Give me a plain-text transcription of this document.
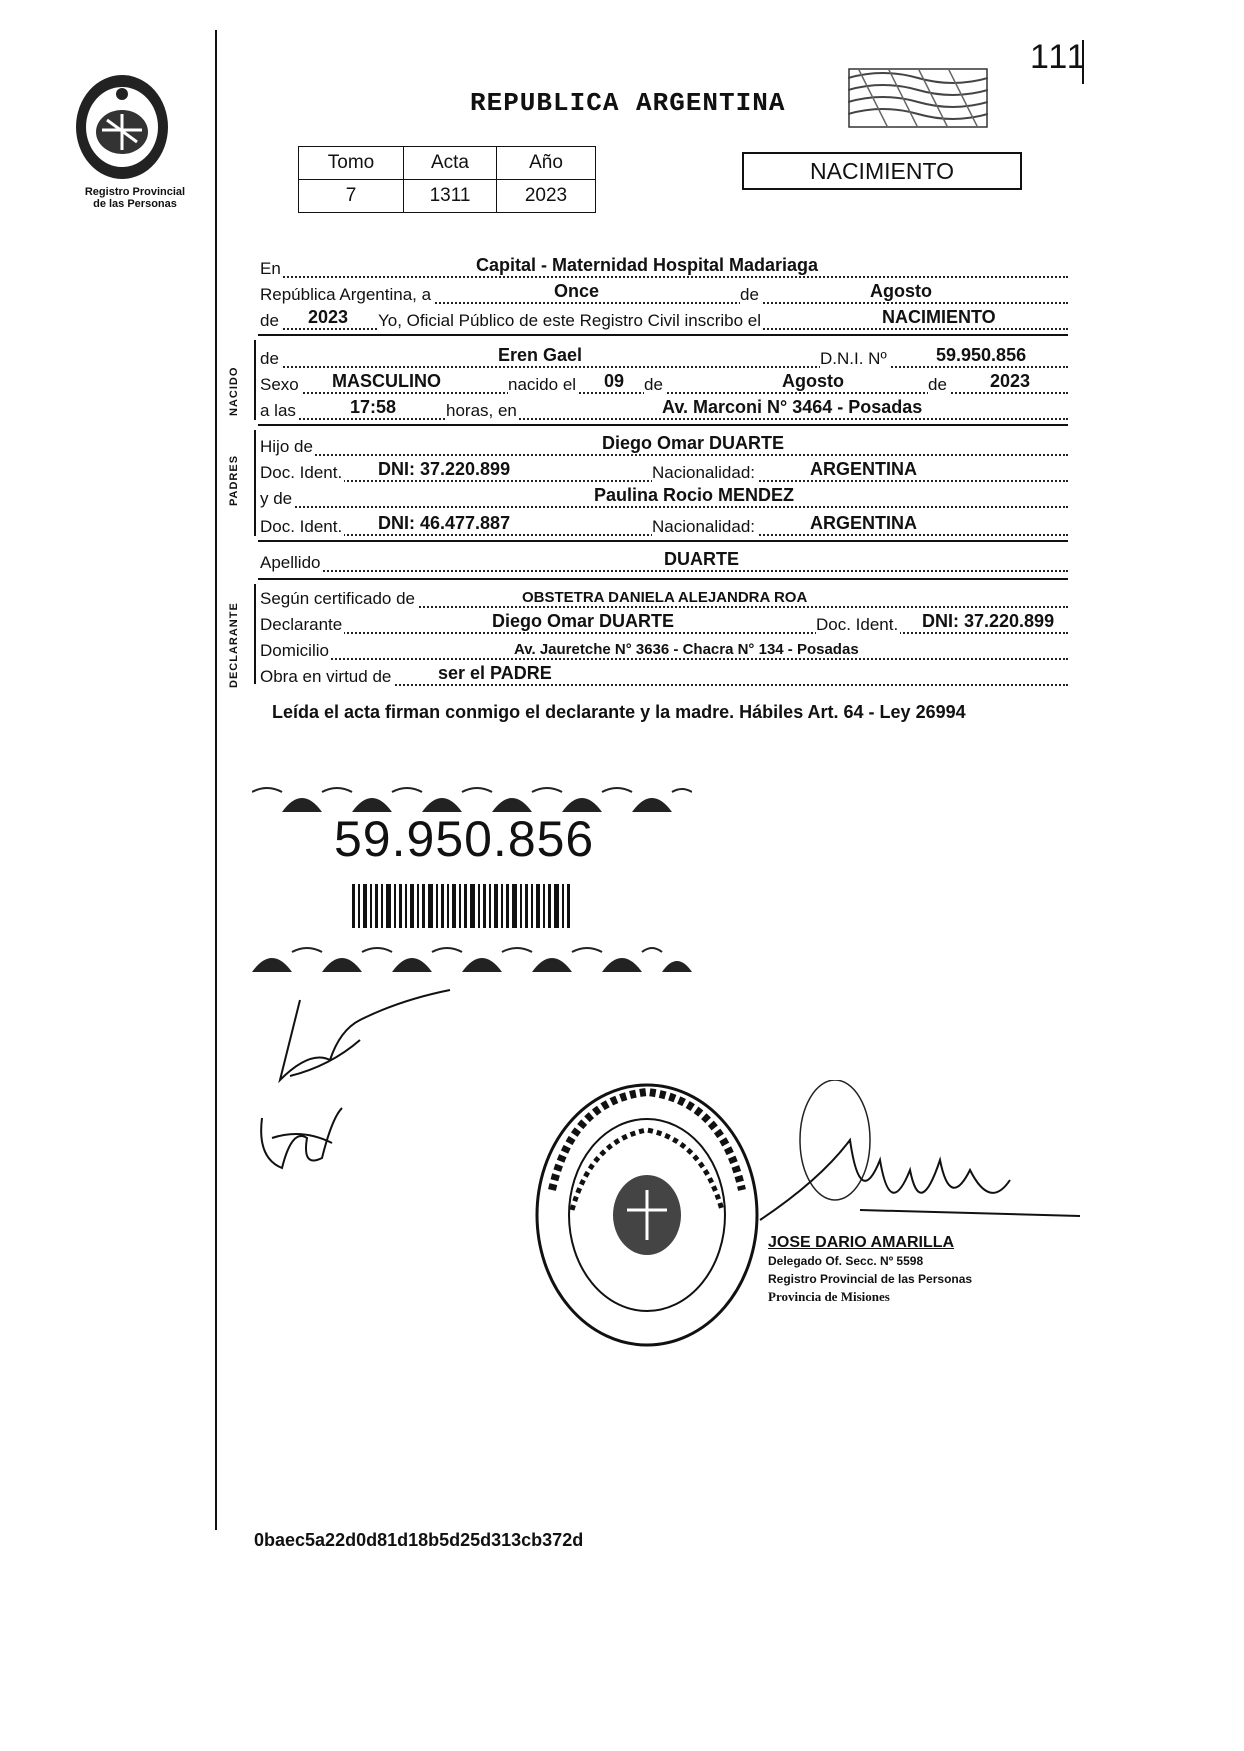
Registro Provincial
de las Personas
111
REPUBLICA ARGENTINA
Tomo	Acta	Año
7	1311	2023
NACIMIENTO
En	Capital - Maternidad Hospital Madariaga
República Argentina, a	Once	de	Agosto
de 2023 Yo, Oficial Público de este Registro Civil inscribo el	NACIMIENTO
NACIDO
de	Eren Gael	D.N.I. Nº	59.950.856
Sexo MASCULINO	nacido el 09 de	Agosto	de 2023
a las	17:58	horas, en	Av. Marconi N° 3464 - Posadas
PADRES
Hijo de	Diego Omar DUARTE
Doc. Ident. DNI: 37.220.899	Nacionalidad:	ARGENTINA
y de	Paulina Rocio MENDEZ
Doc. Ident. DNI: 46.477.887	Nacionalidad:	ARGENTINA
Apellido	DUARTE
DECLARANTE
Según certificado de	OBSTETRA DANIELA ALEJANDRA ROA
Declarante	Diego Omar DUARTE	Doc. Ident. DNI: 37.220.899
Domicilio	Av. Jauretche N° 3636 - Chacra N° 134 - Posadas
Obra en virtud de	ser el PADRE
Leída el acta firman conmigo el declarante y la madre. Hábiles Art. 64 - Ley 26994
59.950.856
JOSE DARIO AMARILLA
Delegado Of. Secc. Nº 5598
Registro Provincial de las Personas
Provincia de Misiones
0baec5a22d0d81d18b5d25d313cb372d
